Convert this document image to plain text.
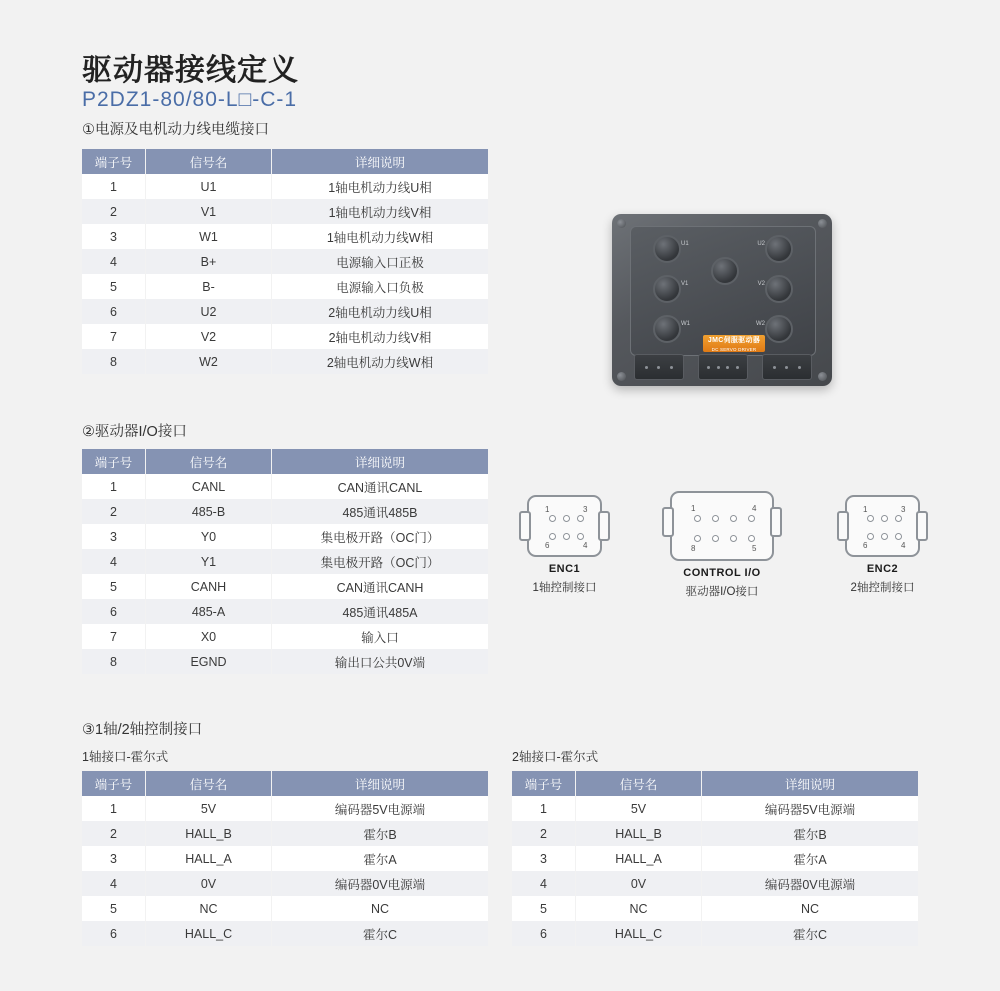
驱动器接线定义
P2DZ1-80/80-L□-C-1
①电源及电机动力线电缆接口
端子号	信号名	详细说明
1	U1	1轴电机动力线U相
2	V1	1轴电机动力线V相
3	W1	1轴电机动力线W相
4	B+	电源输入口正极
5	B-	电源输入口负极
6	U2	2轴电机动力线U相
7	V2	2轴电机动力线V相
8	W2	2轴电机动力线W相
U1	U2
V1	V2
W1	W2
JMC伺服驱动器
DC SERVO DRIVER
②驱动器I/O接口
端子号	信号名	详细说明
1	CANL	CAN通讯CANL
2	485-B	485通讯485B
3	Y0	集电极开路（OC门）
4	Y1	集电极开路（OC门）
5	CANH	CAN通讯CANH
6	485-A	485通讯485A
7	X0	输入口
8	EGND	输出口公共0V端
1	3
6	4
ENC1
1轴控制接口
1	4
8	5
CONTROL I/O
驱动器I/O接口
1	3
6	4
ENC2
2轴控制接口
③1轴/2轴控制接口
1轴接口-霍尔式	2轴接口-霍尔式
端子号	信号名	详细说明
1	5V	编码器5V电源端
2	HALL_B	霍尔B
3	HALL_A	霍尔A
4	0V	编码器0V电源端
5	NC	NC
6	HALL_C	霍尔C
端子号	信号名	详细说明
1	5V	编码器5V电源端
2	HALL_B	霍尔B
3	HALL_A	霍尔A
4	0V	编码器0V电源端
5	NC	NC
6	HALL_C	霍尔C
